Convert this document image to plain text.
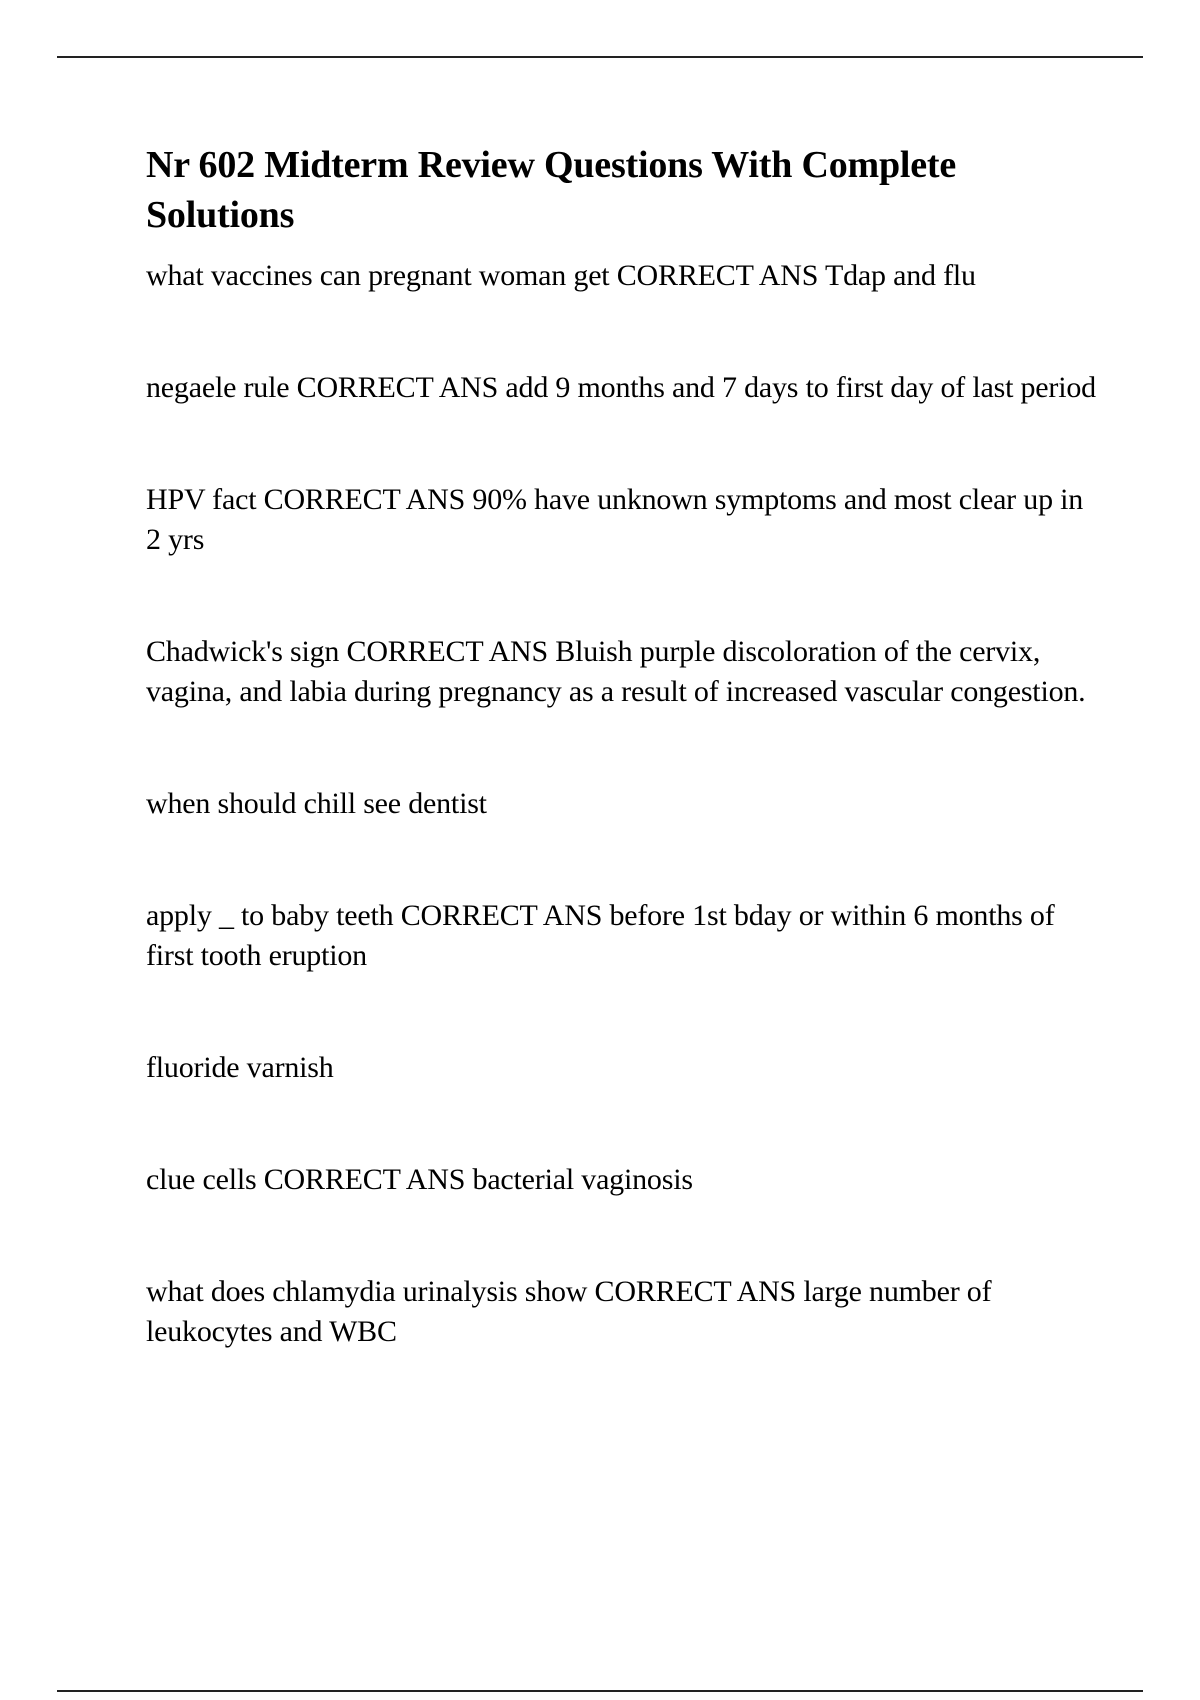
Nr 602 Midterm Review Questions With Complete Solutions

what vaccines can pregnant woman get CORRECT ANS Tdap and flu

negaele rule CORRECT ANS add 9 months and 7 days to first day of last period

HPV fact CORRECT ANS 90% have unknown symptoms and most clear up in 2 yrs

Chadwick's sign CORRECT ANS Bluish purple discoloration of the cervix, vagina, and labia during pregnancy as a result of increased vascular congestion.

when should chill see dentist

apply _ to baby teeth CORRECT ANS before 1st bday or within 6 months of first tooth eruption

fluoride varnish

clue cells CORRECT ANS bacterial vaginosis

what does chlamydia urinalysis show CORRECT ANS large number of leukocytes and WBC
